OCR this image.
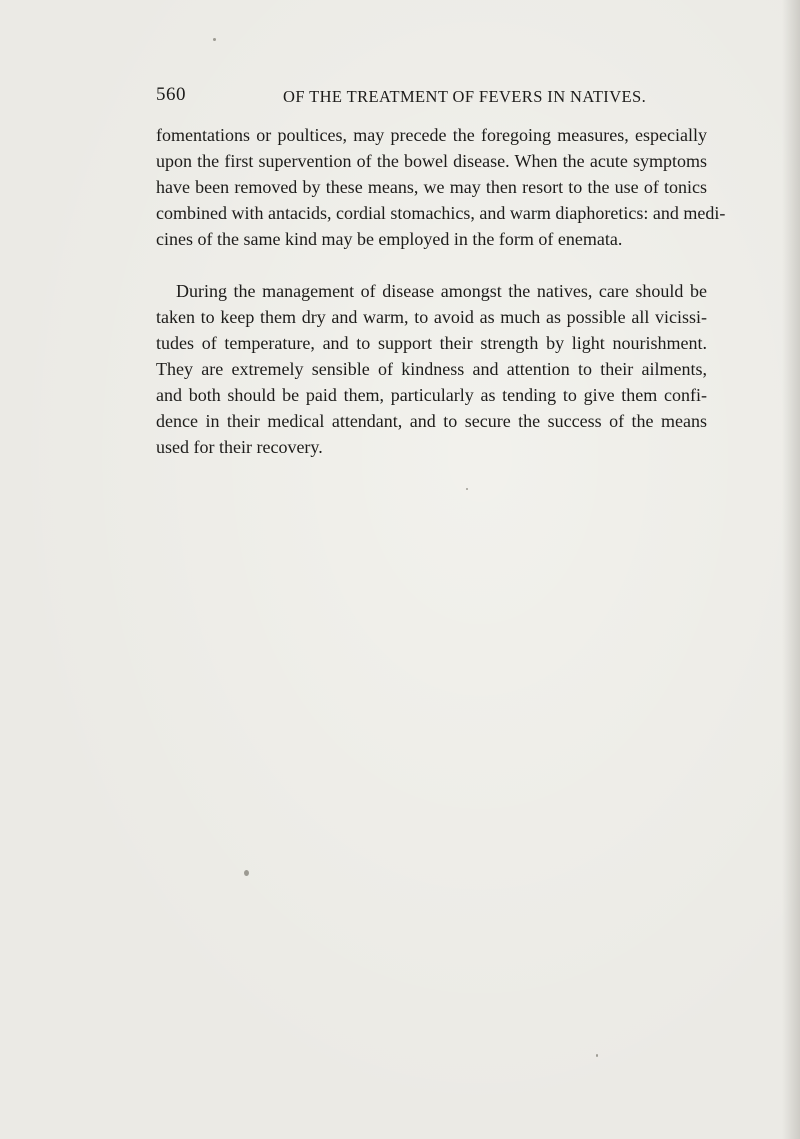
560	OF THE TREATMENT OF FEVERS IN NATIVES.
fomentations or poultices, may precede the foregoing measures, especially
upon the first supervention of the bowel disease. When the acute symptoms
have been removed by these means, we may then resort to the use of tonics
combined with antacids, cordial stomachics, and warm diaphoretics: and medi-
cines of the same kind may be employed in the form of enemata.
During the management of disease amongst the natives, care should be
taken to keep them dry and warm, to avoid as much as possible all vicissi-
tudes of temperature, and to support their strength by light nourishment.
They are extremely sensible of kindness and attention to their ailments,
and both should be paid them, particularly as tending to give them confi-
dence in their medical attendant, and to secure the success of the means
used for their recovery.
